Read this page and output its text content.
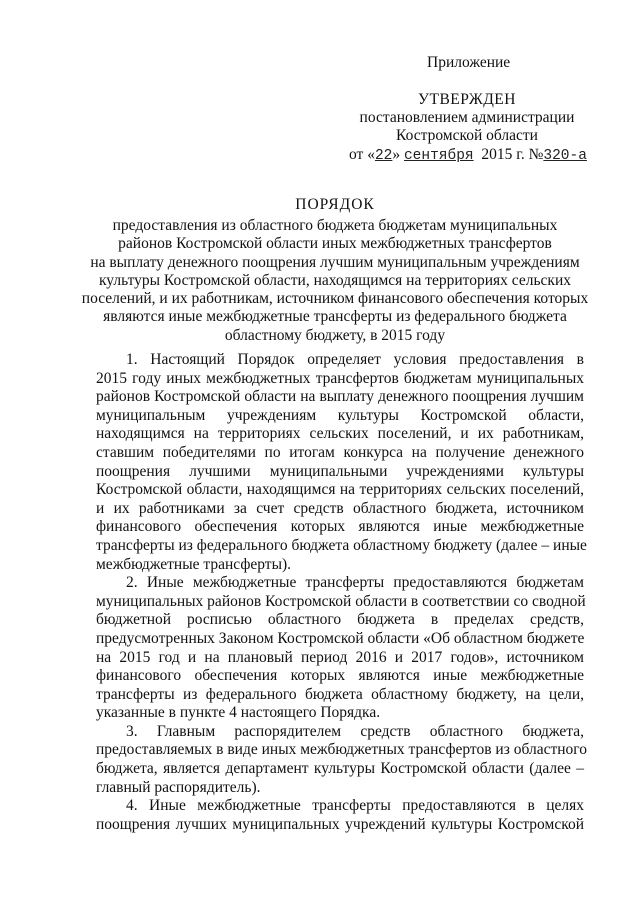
Приложение
УТВЕРЖДЕН
постановлением администрации
Костромской области
от «22» сентября 2015 г. №320-а
ПОРЯДОК
предоставления из областного бюджета бюджетам муниципальных
районов Костромской области иных межбюджетных трансфертов
на выплату денежного поощрения лучшим муниципальным учреждениям
культуры Костромской области, находящимся на территориях сельских
поселений, и их работникам, источником финансового обеспечения которых
являются иные межбюджетные трансферты из федерального бюджета
областному бюджету, в 2015 году
1. Настоящий Порядок определяет условия предоставления в
2015 году иных межбюджетных трансфертов бюджетам муниципальных
районов Костромской области на выплату денежного поощрения лучшим
муниципальным учреждениям культуры Костромской области,
находящимся на территориях сельских поселений, и их работникам,
ставшим победителями по итогам конкурса на получение денежного
поощрения лучшими муниципальными учреждениями культуры
Костромской области, находящимся на территориях сельских поселений,
и их работниками за счет средств областного бюджета, источником
финансового обеспечения которых являются иные межбюджетные
трансферты из федерального бюджета областному бюджету (далее – иные
межбюджетные трансферты).
2. Иные межбюджетные трансферты предоставляются бюджетам
муниципальных районов Костромской области в соответствии со сводной
бюджетной росписью областного бюджета в пределах средств,
предусмотренных Законом Костромской области «Об областном бюджете
на 2015 год и на плановый период 2016 и 2017 годов», источником
финансового обеспечения которых являются иные межбюджетные
трансферты из федерального бюджета областному бюджету, на цели,
указанные в пункте 4 настоящего Порядка.
3. Главным распорядителем средств областного бюджета,
предоставляемых в виде иных межбюджетных трансфертов из областного
бюджета, является департамент культуры Костромской области (далее –
главный распорядитель).
4. Иные межбюджетные трансферты предоставляются в целях
поощрения лучших муниципальных учреждений культуры Костромской
